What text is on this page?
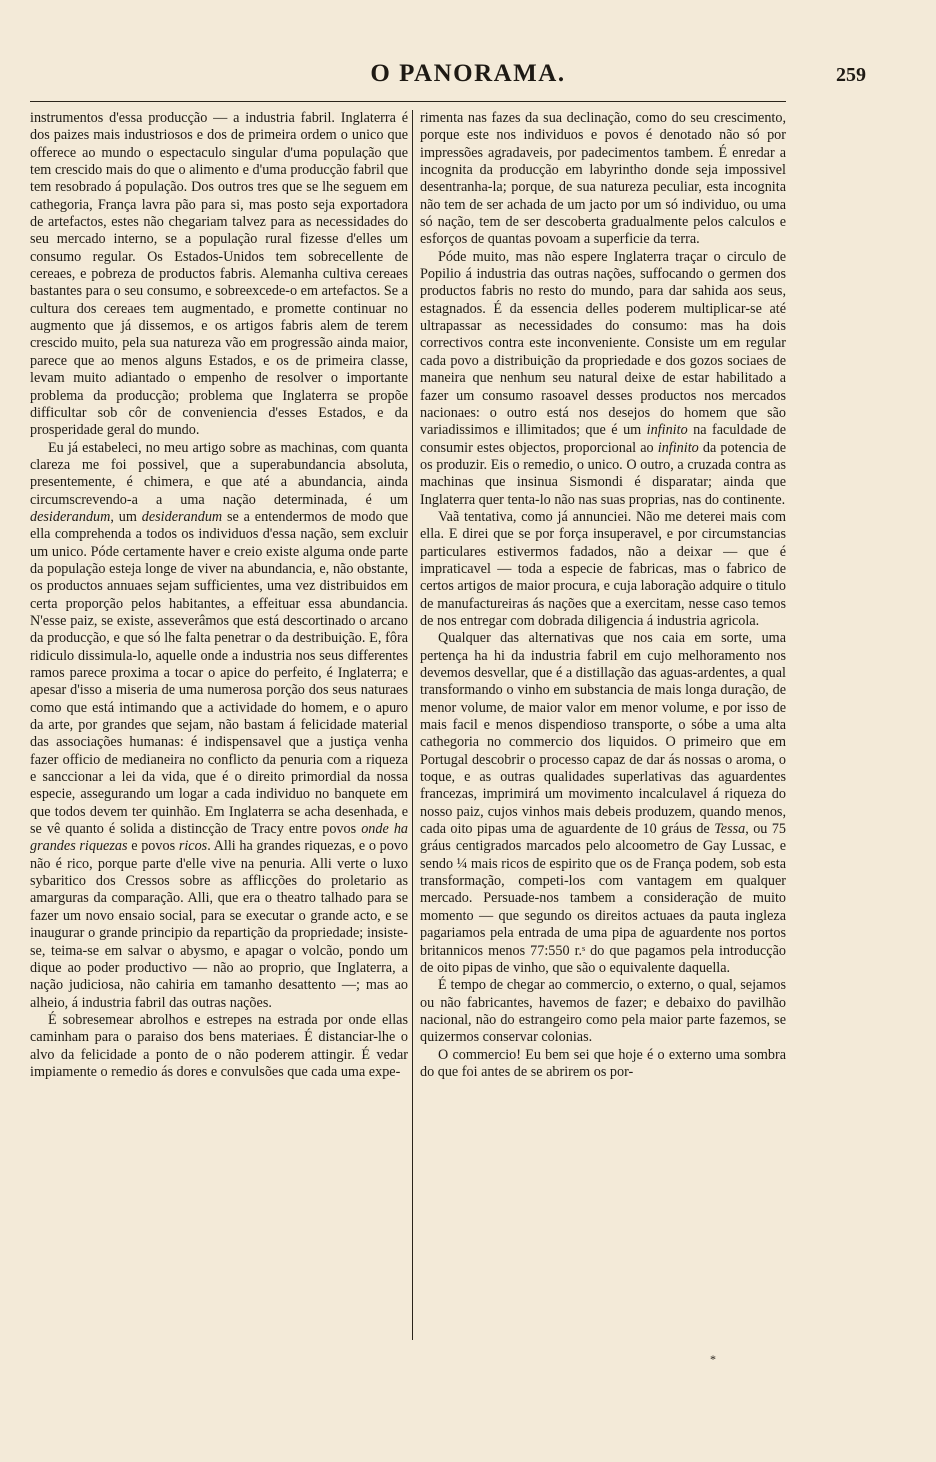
O PANORAMA.	259

instrumentos d'essa producção — a industria fabril. Inglaterra é dos paizes mais industriosos e dos de primeira ordem o unico que offerece ao mundo o espectaculo singular d'uma população que tem crescido mais do que o alimento e d'uma producção fabril que tem resobrado á população. Dos outros tres que se lhe seguem em cathegoria, França lavra pão para si, mas posto seja exportadora de artefactos, estes não chegariam talvez para as necessidades do seu mercado interno, se a população rural fizesse d'elles um consumo regular. Os Estados-Unidos tem sobrecellente de cereaes, e pobreza de productos fabris. Alemanha cultiva cereaes bastantes para o seu consumo, e sobreexcede-o em artefactos. Se a cultura dos cereaes tem augmentado, e promette continuar no augmento que já dissemos, e os artigos fabris alem de terem crescido muito, pela sua natureza vão em progressão ainda maior, parece que ao menos alguns Estados, e os de primeira classe, levam muito adiantado o empenho de resolver o importante problema da producção; problema que Inglaterra se propõe difficultar sob côr de conveniencia d'esses Estados, e da prosperidade geral do mundo.

Eu já estabeleci, no meu artigo sobre as machinas, com quanta clareza me foi possivel, que a superabundancia absoluta, presentemente, é chimera, e que até a abundancia, ainda circumscrevendo-a a uma nação determinada, é um desiderandum, um desiderandum se a entendermos de modo que ella comprehenda a todos os individuos d'essa nação, sem excluir um unico. Póde certamente haver e creio existe alguma onde parte da população esteja longe de viver na abundancia, e, não obstante, os productos annuaes sejam sufficientes, uma vez distribuidos em certa proporção pelos habitantes, a effeituar essa abundancia. N'esse paiz, se existe, asseverâmos que está descortinado o arcano da producção, e que só lhe falta penetrar o da destribuição. E, fôra ridiculo dissimula-lo, aquelle onde a industria nos seus differentes ramos parece proxima a tocar o apice do perfeito, é Inglaterra; e apesar d'isso a miseria de uma numerosa porção dos seus naturaes como que está intimando que a actividade do homem, e o apuro da arte, por grandes que sejam, não bastam á felicidade material das associações humanas: é indispensavel que a justiça venha fazer officio de medianeira no conflicto da penuria com a riqueza e sanccionar a lei da vida, que é o direito primordial da nossa especie, assegurando um logar a cada individuo no banquete em que todos devem ter quinhão. Em Inglaterra se acha desenhada, e se vê quanto é solida a distincção de Tracy entre povos onde ha grandes riquezas e povos ricos. Alli ha grandes riquezas, e o povo não é rico, porque parte d'elle vive na penuria. Alli verte o luxo sybaritico dos Cressos sobre as afflicções do proletario as amarguras da comparação. Alli, que era o theatro talhado para se fazer um novo ensaio social, para se executar o grande acto, e se inaugurar o grande principio da repartição da propriedade; insiste-se, teima-se em salvar o abysmo, e apagar o volcão, pondo um dique ao poder productivo — não ao proprio, que Inglaterra, a nação judiciosa, não cahiria em tamanho desattento —; mas ao alheio, á industria fabril das outras nações.

É sobresemear abrolhos e estrepes na estrada por onde ellas caminham para o paraiso dos bens materiaes. É distanciar-lhe o alvo da felicidade a ponto de o não poderem attingir. É vedar impiamente o remedio ás dores e convulsões que cada uma expe-

rimenta nas fazes da sua declinação, como do seu crescimento, porque este nos individuos e povos é denotado não só por impressões agradaveis, por padecimentos tambem. É enredar a incognita da producção em labyrintho donde seja impossivel desentranha-la; porque, de sua natureza peculiar, esta incognita não tem de ser achada de um jacto por um só individuo, ou uma só nação, tem de ser descoberta gradualmente pelos calculos e esforços de quantas povoam a superficie da terra.

Póde muito, mas não espere Inglaterra traçar o circulo de Popilio á industria das outras nações, suffocando o germen dos productos fabris no resto do mundo, para dar sahida aos seus, estagnados. É da essencia delles poderem multiplicar-se até ultrapassar as necessidades do consumo: mas ha dois correctivos contra este inconveniente. Consiste um em regular cada povo a distribuição da propriedade e dos gozos sociaes de maneira que nenhum seu natural deixe de estar habilitado a fazer um consumo rasoavel desses productos nos mercados nacionaes: o outro está nos desejos do homem que são variadissimos e illimitados; que é um infinito na faculdade de consumir estes objectos, proporcional ao infinito da potencia de os produzir. Eis o remedio, o unico. O outro, a cruzada contra as machinas que insinua Sismondi é disparatar; ainda que Inglaterra quer tenta-lo não nas suas proprias, nas do continente.

Vaã tentativa, como já annunciei. Não me deterei mais com ella. E direi que se por força insuperavel, e por circumstancias particulares estivermos fadados, não a deixar — que é impraticavel — toda a especie de fabricas, mas o fabrico de certos artigos de maior procura, e cuja laboração adquire o titulo de manufactureiras ás nações que a exercitam, nesse caso temos de nos entregar com dobrada diligencia á industria agricola.

Qualquer das alternativas que nos caia em sorte, uma pertença ha hi da industria fabril em cujo melhoramento nos devemos desvellar, que é a distillação das aguas-ardentes, a qual transformando o vinho em substancia de mais longa duração, de menor volume, de maior valor em menor volume, e por isso de mais facil e menos dispendioso transporte, o sóbe a uma alta cathegoria no commercio dos liquidos. O primeiro que em Portugal descobrir o processo capaz de dar ás nossas o aroma, o toque, e as outras qualidades superlativas das aguardentes francezas, imprimirá um movimento incalculavel á riqueza do nosso paiz, cujos vinhos mais debeis produzem, quando menos, cada oito pipas uma de aguardente de 10 gráus de Tessa, ou 75 gráus centigrados marcados pelo alcoometro de Gay Lussac, e sendo ¼ mais ricos de espirito que os de França podem, sob esta transformação, competi-los com vantagem em qualquer mercado. Persuade-nos tambem a consideração de muito momento — que segundo os direitos actuaes da pauta ingleza pagariamos pela entrada de uma pipa de aguardente nos portos britannicos menos 77:550 r.ˢ do que pagamos pela introducção de oito pipas de vinho, que são o equivalente daquella.

É tempo de chegar ao commercio, o externo, o qual, sejamos ou não fabricantes, havemos de fazer; e debaixo do pavilhão nacional, não do estrangeiro como pela maior parte fazemos, se quizermos conservar colonias.

O commercio! Eu bem sei que hoje é o externo uma sombra do que foi antes de se abrirem os por-

*
